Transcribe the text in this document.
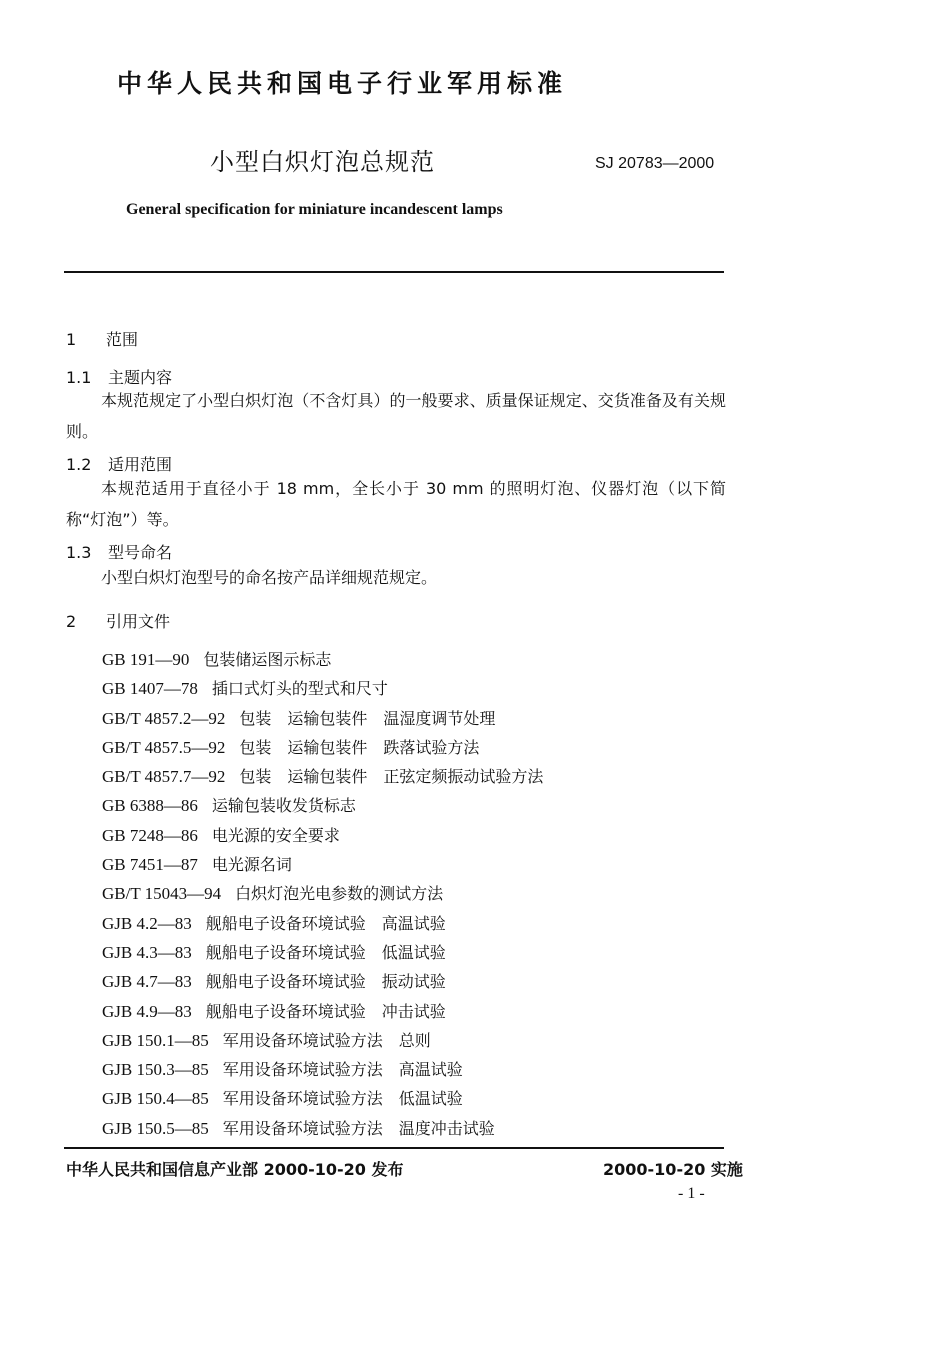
中华人民共和国电子行业军用标准
小型白炽灯泡总规范	SJ 20783—2000
General specification for miniature incandescent lamps
1 范围
1.1 主题内容
本规范规定了小型白炽灯泡（不含灯具）的一般要求、质量保证规定、交货准备及有关规则。
1.2 适用范围
本规范适用于直径小于 18 mm，全长小于 30 mm 的照明灯泡、仪器灯泡（以下简称“灯泡”）等。
1.3 型号命名
小型白炽灯泡型号的命名按产品详细规范规定。
2 引用文件
GB 191—90 包装储运图示标志
GB 1407—78 插口式灯头的型式和尺寸
GB/T 4857.2—92 包装　运输包装件　温湿度调节处理
GB/T 4857.5—92 包装　运输包装件　跌落试验方法
GB/T 4857.7—92 包装　运输包装件　正弦定频振动试验方法
GB 6388—86 运输包装收发货标志
GB 7248—86 电光源的安全要求
GB 7451—87 电光源名词
GB/T 15043—94 白炽灯泡光电参数的测试方法
GJB 4.2—83 舰船电子设备环境试验　高温试验
GJB 4.3—83 舰船电子设备环境试验　低温试验
GJB 4.7—83 舰船电子设备环境试验　振动试验
GJB 4.9—83 舰船电子设备环境试验　冲击试验
GJB 150.1—85 军用设备环境试验方法　总则
GJB 150.3—85 军用设备环境试验方法　高温试验
GJB 150.4—85 军用设备环境试验方法　低温试验
GJB 150.5—85 军用设备环境试验方法　温度冲击试验
中华人民共和国信息产业部 2000-10-20 发布	2000-10-20 实施
- 1 -
